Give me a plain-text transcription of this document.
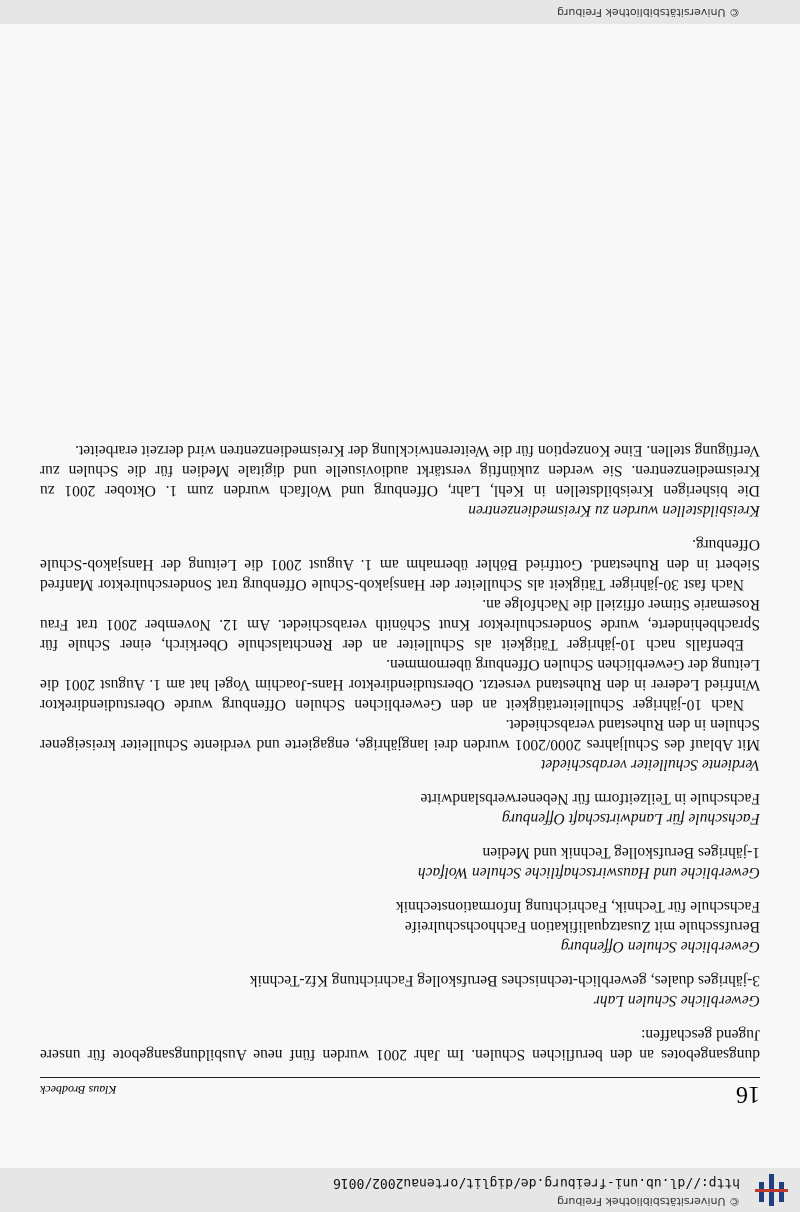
© Universitätsbibliothek Freiburg
http://dl.ub.uni-freiburg.de/diglit/ortenau2002/0016
16
Klaus Brodbeck

dungsangebotes an den beruflichen Schulen. Im Jahr 2001 wurden fünf neue Ausbildungsangebote für unsere Jugend geschaffen:

Gewerbliche Schulen Lahr

3-jähriges duales, gewerblich-technisches Berufskolleg Fachrichtung Kfz-Technik

Gewerbliche Schulen Offenburg

Berufsschule mit Zusatzqualifikation Fachhochschulreife

Fachschule für Technik, Fachrichtung Informationstechnik

Gewerbliche und Hauswirtschaftliche Schulen Wolfach

1-jähriges Berufskolleg Technik und Medien

Fachschule für Landwirtschaft Offenburg

Fachschule in Teilzeitform für Nebenerwerbslandwirte

Verdiente Schulleiter verabschiedet

Mit Ablauf des Schuljahres 2000/2001 wurden drei langjährige, engagierte und verdiente Schulleiter kreiseigener Schulen in den Ruhestand verabschiedet.

Nach 10-jähriger Schulleitertätigkeit an den Gewerblichen Schulen Offenburg wurde Oberstudiendirektor Winfried Lederer in den Ruhestand versetzt. Oberstudiendirektor Hans-Joachim Vogel hat am 1. August 2001 die Leitung der Gewerblichen Schulen Offenburg übernommen.

Ebenfalls nach 10-jähriger Tätigkeit als Schulleiter an der Renchtalschule Oberkirch, einer Schule für Sprachbehinderte, wurde Sonderschulrektor Knut Schönith verabschiedet. Am 12. November 2001 trat Frau Rosemarie Stimer offiziell die Nachfolge an.

Nach fast 30-jähriger Tätigkeit als Schulleiter der Hansjakob-Schule Offenburg trat Sonderschulrektor Manfred Siebert in den Ruhestand. Gottfried Böhler übernahm am 1. August 2001 die Leitung der Hansjakob-Schule Offenburg.

Kreisbildstellen wurden zu Kreismedienzentren

Die bisherigen Kreisbildstellen in Kehl, Lahr, Offenburg und Wolfach wurden zum 1. Oktober 2001 zu Kreismedienzentren. Sie werden zukünftig verstärkt audiovisuelle und digitale Medien für die Schulen zur Verfügung stellen. Eine Konzeption für die Weiterentwicklung der Kreismedienzentren wird derzeit erarbeitet.

© Universitätsbibliothek Freiburg
